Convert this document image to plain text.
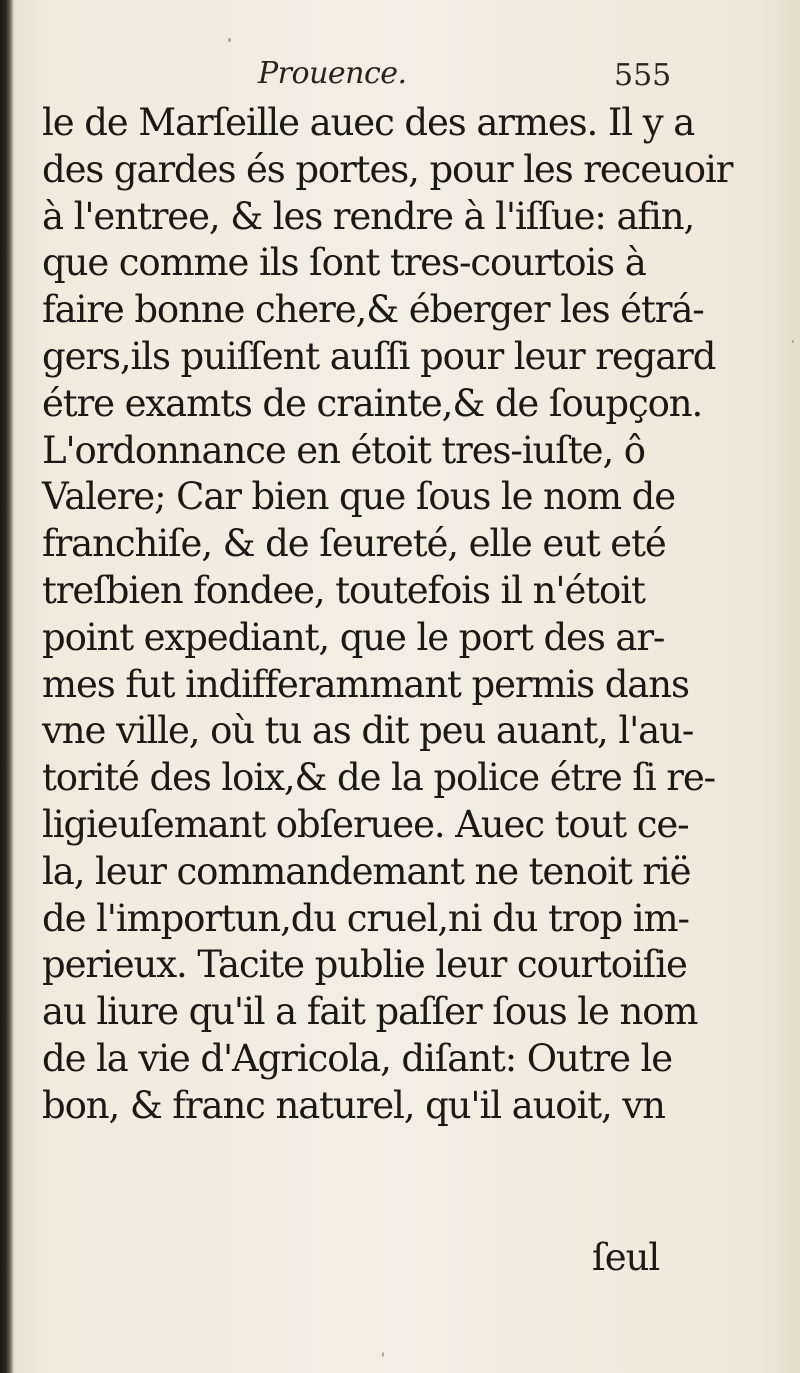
Prouence.	555
le de Marſeille auec des armes. Il y a
des gardes és portes, pour les receuoir
à l'entree, & les rendre à l'iſſue: afin,
que comme ils ſont tres-courtois à
faire bonne chere,& éberger les étrá-
gers,ils puiſſent auſſi pour leur regard
étre examts de crainte,& de ſoupçon.
L'ordonnance en étoit tres-iuſte, ô
Valere; Car bien que ſous le nom de
franchiſe, & de ſeureté, elle eut eté
treſbien fondee, toutefois il n'étoit
point expediant, que le port des ar-
mes fut indifferammant permis dans
vne ville, où tu as dit peu auant, l'au-
torité des loix,& de la police étre ſi re-
ligieuſemant obſeruee. Auec tout ce-
la, leur commandemant ne tenoit rië
de l'importun,du cruel,ni du trop im-
perieux. Tacite publie leur courtoiſie
au liure qu'il a fait paſſer ſous le nom
de la vie d'Agricola, diſant: Outre le
bon, & franc naturel, qu'il auoit, vn
ſeul
